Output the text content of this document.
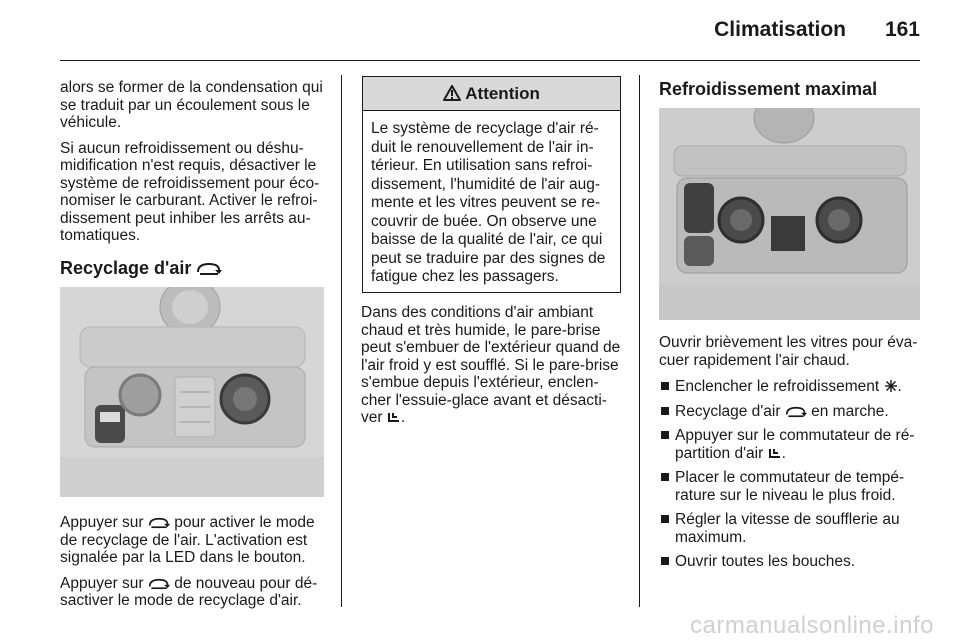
Climatisation	161

alors se former de la condensation qui se traduit par un écoulement sous le véhicule.

Si aucun refroidissement ou déshu- midification n'est requis, désactiver le système de refroidissement pour éco- nomiser le carburant. Activer le refroi- dissement peut inhiber les arrêts au- tomatiques.

Recyclage d'air

Appuyer sur pour activer le mode de recyclage de l'air. L'activation est signalée par la LED dans le bouton.

Appuyer sur de nouveau pour dé- sactiver le mode de recyclage d'air.

Attention
Le système de recyclage d'air ré- duit le renouvellement de l'air in- térieur. En utilisation sans refroi- dissement, l'humidité de l'air aug- mente et les vitres peuvent se re- couvrir de buée. On observe une baisse de la qualité de l'air, ce qui peut se traduire par des signes de fatigue chez les passagers.

Dans des conditions d'air ambiant chaud et très humide, le pare-brise peut s'embuer de l'extérieur quand de l'air froid y est soufflé. Si le pare-brise s'embue depuis l'extérieur, enclen- cher l'essuie-glace avant et désacti- ver .

Refroidissement maximal

Ouvrir brièvement les vitres pour éva- cuer rapidement l'air chaud.

Enclencher le refroidissement .
Recyclage d'air en marche.
Appuyer sur le commutateur de ré- partition d'air .
Placer le commutateur de tempé- rature sur le niveau le plus froid.
Régler la vitesse de soufflerie au maximum.
Ouvrir toutes les bouches.
carmanualsonline.info
